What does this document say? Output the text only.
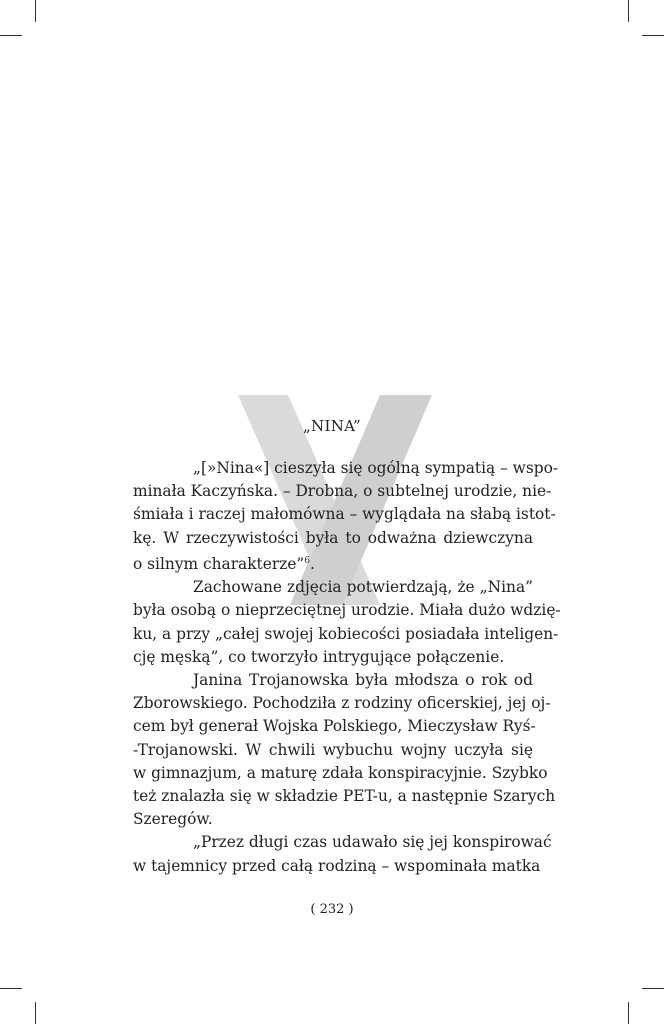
„NINA”
„[»Nina«] cieszyła się ogólną sympatią – wspo-
minała Kaczyńska. – Drobna, o subtelnej urodzie, nie-
śmiała i raczej małomówna – wyglądała na słabą istot-
kę. W rzeczywistości była to odważna dziewczyna
o silnym charakterze”$^6$.
Zachowane zdjęcia potwierdzają, że „Nina”
była osobą o nieprzeciętnej urodzie. Miała dużo wdzię-
ku, a przy „całej swojej kobiecości posiadała inteligen-
cję męską”, co tworzyło intrygujące połączenie.
Janina Trojanowska była młodsza o rok od
Zborowskiego. Pochodziła z rodziny oficerskiej, jej oj-
cem był generał Wojska Polskiego, Mieczysław Ryś-
-Trojanowski. W chwili wybuchu wojny uczyła się
w gimnazjum, a maturę zdała konspiracyjnie. Szybko
też znalazła się w składzie PET-u, a następnie Szarych
Szeregów.
„Przez długi czas udawało się jej konspirować
w tajemnicy przed całą rodziną – wspominała matka
( 232 )
